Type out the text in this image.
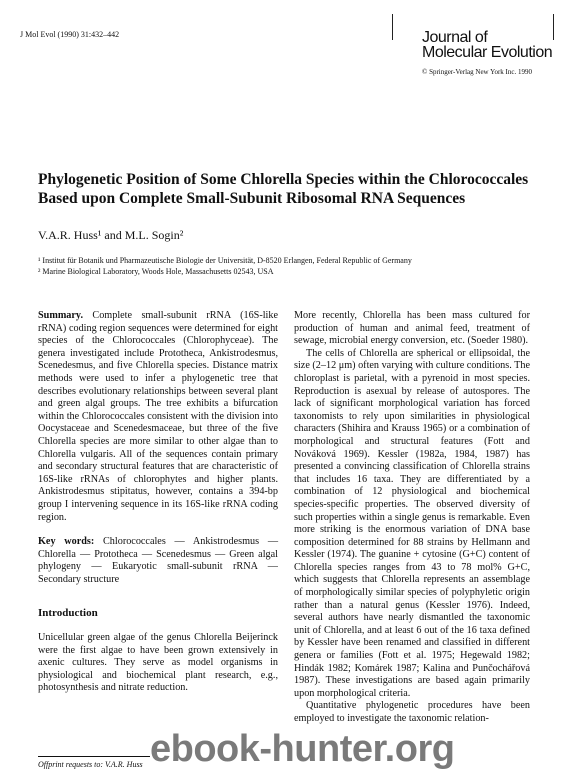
J Mol Evol (1990) 31:432–442	Journal of
Molecular Evolution
© Springer-Verlag New York Inc. 1990
Phylogenetic Position of Some Chlorella Species within the Chlorococcales Based upon Complete Small-Subunit Ribosomal RNA Sequences
V.A.R. Huss¹ and M.L. Sogin²
¹ Institut für Botanik und Pharmazeutische Biologie der Universität, D-8520 Erlangen, Federal Republic of Germany
² Marine Biological Laboratory, Woods Hole, Massachusetts 02543, USA

Summary. Complete small-subunit rRNA (16S-like rRNA) coding region sequences were determined for eight species of the Chlorococcales (Chlorophyceae). The genera investigated include Prototheca, Ankistrodesmus, Scenedesmus, and five Chlorella species. Distance matrix methods were used to infer a phylogenetic tree that describes evolutionary relationships between several plant and green algal groups. The tree exhibits a bifurcation within the Chlorococcales consistent with the division into Oocystaceae and Scenedesmaceae, but three of the five Chlorella species are more similar to other algae than to Chlorella vulgaris. All of the sequences contain primary and secondary structural features that are characteristic of 16S-like rRNAs of chlorophytes and higher plants. Ankistrodesmus stipitatus, however, contains a 394-bp group I intervening sequence in its 16S-like rRNA coding region.

Key words: Chlorococcales — Ankistrodesmus — Chlorella — Prototheca — Scenedesmus — Green algal phylogeny — Eukaryotic small-subunit rRNA — Secondary structure

Introduction
Unicellular green algae of the genus Chlorella Beijerinck were the first algae to have been grown extensively in axenic cultures. They serve as model organisms in physiological and biochemical plant research, e.g., photosynthesis and nitrate reduction.
Offprint requests to: V.A.R. Huss

More recently, Chlorella has been mass cultured for production of human and animal feed, treatment of sewage, microbial energy conversion, etc. (Soeder 1980).

The cells of Chlorella are spherical or ellipsoidal, the size (2–12 μm) often varying with culture conditions. The chloroplast is parietal, with a pyrenoid in most species. Reproduction is asexual by release of autospores. The lack of significant morphological variation has forced taxonomists to rely upon similarities in physiological characters (Shihira and Krauss 1965) or a combination of morphological and structural features (Fott and Nováková 1969). Kessler (1982a, 1984, 1987) has presented a convincing classification of Chlorella strains that includes 16 taxa. They are differentiated by a combination of 12 physiological and biochemical species-specific properties. The observed diversity of such properties within a single genus is remarkable. Even more striking is the enormous variation of DNA base composition determined for 88 strains by Hellmann and Kessler (1974). The guanine + cytosine (G+C) content of Chlorella species ranges from 43 to 78 mol% G+C, which suggests that Chlorella represents an assemblage of morphologically similar species of polyphyletic origin rather than a natural genus (Kessler 1976). Indeed, several authors have nearly dismantled the taxonomic unit of Chlorella, and at least 6 out of the 16 taxa defined by Kessler have been renamed and classified in different genera or families (Fott et al. 1975; Hegewald 1982; Hindák 1982; Komárek 1987; Kalina and Punčochářová 1987). These investigations are based again primarily upon morphological criteria.

Quantitative phylogenetic procedures have been employed to investigate the taxonomic relation-

ebook-hunter.org
